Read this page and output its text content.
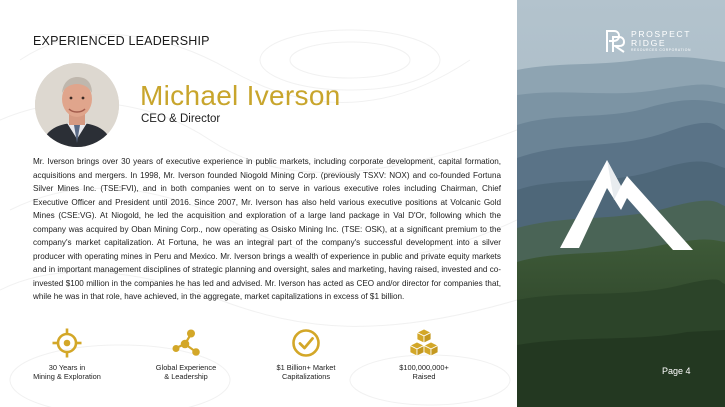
EXPERIENCED LEADERSHIP
Michael Iverson
CEO & Director

Mr. Iverson brings over 30 years of executive experience in public markets, including corporate development, capital formation, acquisitions and mergers. In 1998, Mr. Iverson founded Niogold Mining Corp. (previously TSXV: NOX) and co-founded Fortuna Silver Mines Inc. (TSE:FVI), and in both companies went on to serve in various executive roles including Chairman, Chief Executive Officer and President until 2016. Since 2007, Mr. Iverson has also held various executive positions at Volcanic Gold Mines (CSE:VG). At Niogold, he led the acquisition and exploration of a large land package in Val D'Or, following which the company was acquired by Oban Mining Corp., now operating as Osisko Mining Inc. (TSE: OSK), at a significant premium to the company's market capitalization. At Fortuna, he was an integral part of the company's successful development into a silver producer with operating mines in Peru and Mexico. Mr. Iverson brings a wealth of experience in public and private equity markets and in important management disciplines of strategic planning and oversight, sales and marketing, having raised, invested and co-invested $100 million in the companies he has led and advised. Mr. Iverson has acted as CEO and/or director for companies that, while he was in that role, have achieved, in the aggregate, market capitalizations in excess of $1 billion.

30 Years in
Mining & Exploration
Global Experience
& Leadership
$1 Billion+ Market
Capitalizations
$100,000,000+
Raised
PROSPECT
RIDGE
RESOURCES CORPORATION
Page 4
